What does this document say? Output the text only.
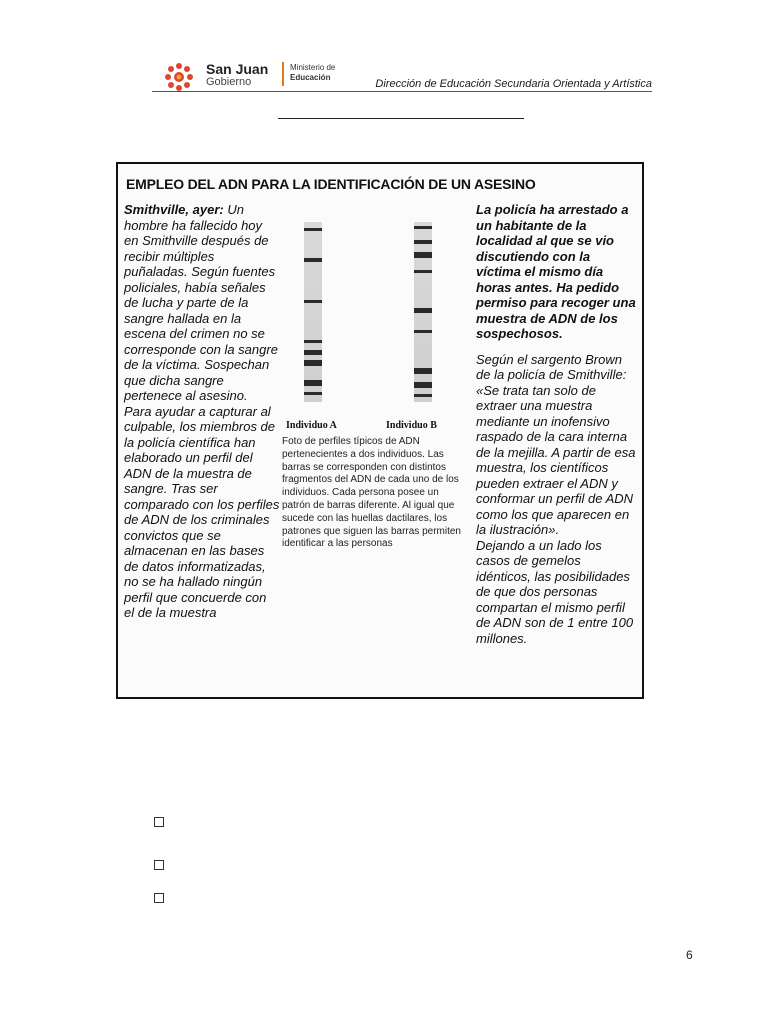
San Juan
Gobierno
Ministerio de
Educación
Dirección de Educación Secundaria Orientada y Artística
EMPLEO DEL ADN PARA LA IDENTIFICACIÓN DE UN ASESINO
Smithville, ayer: Un hombre ha fallecido hoy en Smithville después de recibir múltiples puñaladas. Según fuentes policiales, había señales de lucha y parte de la sangre hallada en la escena del crimen no se corresponde con la sangre de la víctima. Sospechan que dicha sangre pertenece al asesino.
Para ayudar a capturar al culpable, los miembros de la policía científica han elaborado un perfil del ADN de la muestra de sangre. Tras ser comparado con los perfiles de ADN de los criminales convictos que se almacenan en las bases de datos informatizadas, no se ha hallado ningún perfil que concuerde con el de la muestra
Individuo A	Individuo B
Foto de perfiles típicos de ADN pertenecientes a dos individuos. Las barras se corresponden con distintos fragmentos del ADN de cada uno de los individuos. Cada persona posee un patrón de barras diferente. Al igual que sucede con las huellas dactilares, los patrones que siguen las barras permiten identificar a las personas
La policía ha arrestado a un habitante de la localidad al que se vio discutiendo con la víctima el mismo día horas antes. Ha pedido permiso para recoger una muestra de ADN de los sospechosos.
Según el sargento Brown de la policía de Smithville: «Se trata tan solo de extraer una muestra mediante un inofensivo raspado de la cara interna de la mejilla. A partir de esa muestra, los científicos pueden extraer el ADN y conformar un perfil de ADN como los que aparecen en la ilustración».
Dejando a un lado los casos de gemelos idénticos, las posibilidades de que dos personas compartan el mismo perfil de ADN son de 1 entre 100 millones.
6
